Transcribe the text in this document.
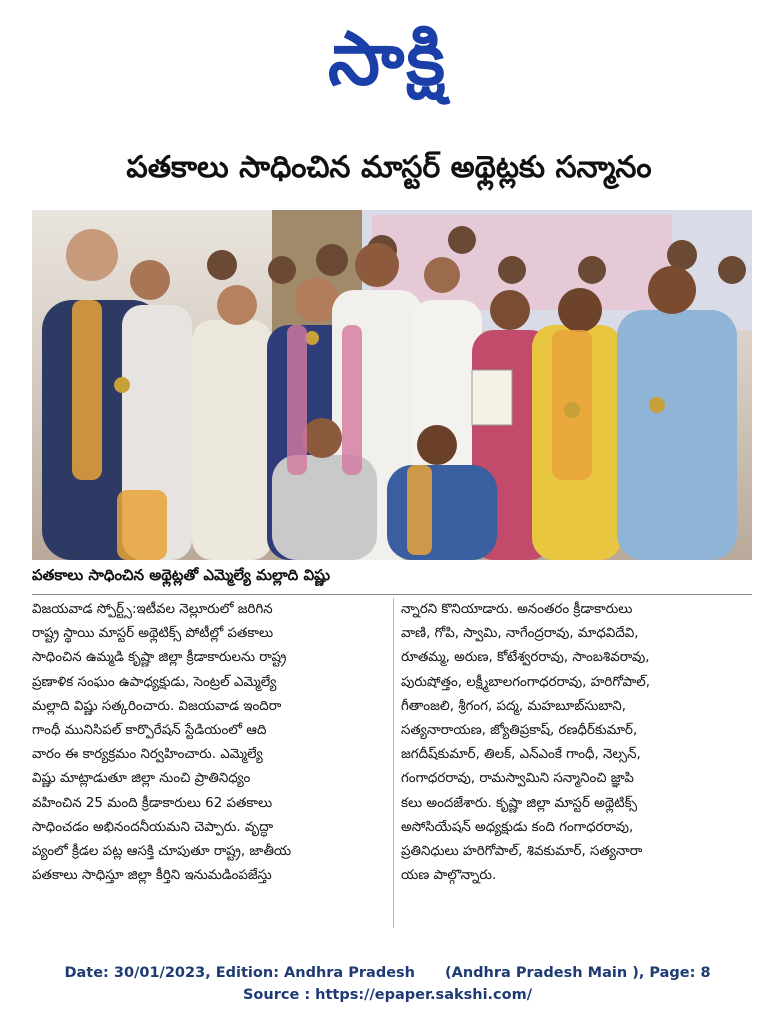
సాక్షి
పతకాలు సాధించిన మాస్టర్ అథ్లెట్లకు సన్మానం
పతకాలు సాధించిన అథ్లెట్లతో ఎమ్మెల్యే మల్లాది విష్ణు
విజయవాడ స్పోర్ట్స్:ఇటీవల నెల్లూరులో జరిగిన
రాష్ట్ర స్థాయి మాస్టర్ అథ్లెటిక్స్ పోటీల్లో పతకాలు
సాధించిన ఉమ్మడి కృష్ణా జిల్లా క్రీడాకారులను రాష్ట్ర
ప్రణాళిక సంఘం ఉపాధ్యక్షుడు, సెంట్రల్ ఎమ్మెల్యే
మల్లాది విష్ణు సత్కరించారు. విజయవాడ ఇందిరా
గాంధీ మునిసిపల్ కార్పొరేషన్ స్టేడియంలో ఆది
వారం ఈ కార్యక్రమం నిర్వహించారు. ఎమ్మెల్యే
విష్ణు మాట్లాడుతూ జిల్లా నుంచి ప్రాతినిధ్యం
వహించిన 25 మంది క్రీడాకారులు 62 పతకాలు
సాధించడం అభినందనీయమని చెప్పారు. వృద్ధా
ప్యంలో క్రీడల పట్ల ఆసక్తి చూపుతూ రాష్ట్ర, జాతీయ
పతకాలు సాధిస్తూ జిల్లా కీర్తిని ఇనుమడింపజేస్తు
న్నారని కొనియాడారు. అనంతరం క్రీడాకారులు
వాణి, గోపి, స్వామి, నాగేంద్రరావు, మాధవిదేవి,
రూతమ్మ, అరుణ, కోటేశ్వరరావు, సాంబశివరావు,
పురుషోత్తం, లక్ష్మీబాలగంగాధరరావు, హరిగోపాల్,
గీతాంజలి, శ్రీగంగ, పద్మ, మహబూబ్‌సుబాని,
సత్యనారాయణ, జ్యోతిప్రకాష్, రణధీర్‌కుమార్,
జగదీష్‌కుమార్, తిలక్, ఎన్ఎంకే గాంధీ, నెల్సన్,
గంగాధరరావు, రామస్వామిని సన్మానించి జ్ఞాపి
కలు అందజేశారు. కృష్ణా జిల్లా మాస్టర్ అథ్లెటిక్స్
అసోసియేషన్ అధ్యక్షుడు కంది గంగాధరరావు,
ప్రతినిధులు హరిగోపాల్, శివకుమార్, సత్యనారా
యణ పాల్గొన్నారు.
Date: 30/01/2023, Edition: Andhra Pradesh (Andhra Pradesh Main ), Page: 8
Source : https://epaper.sakshi.com/
